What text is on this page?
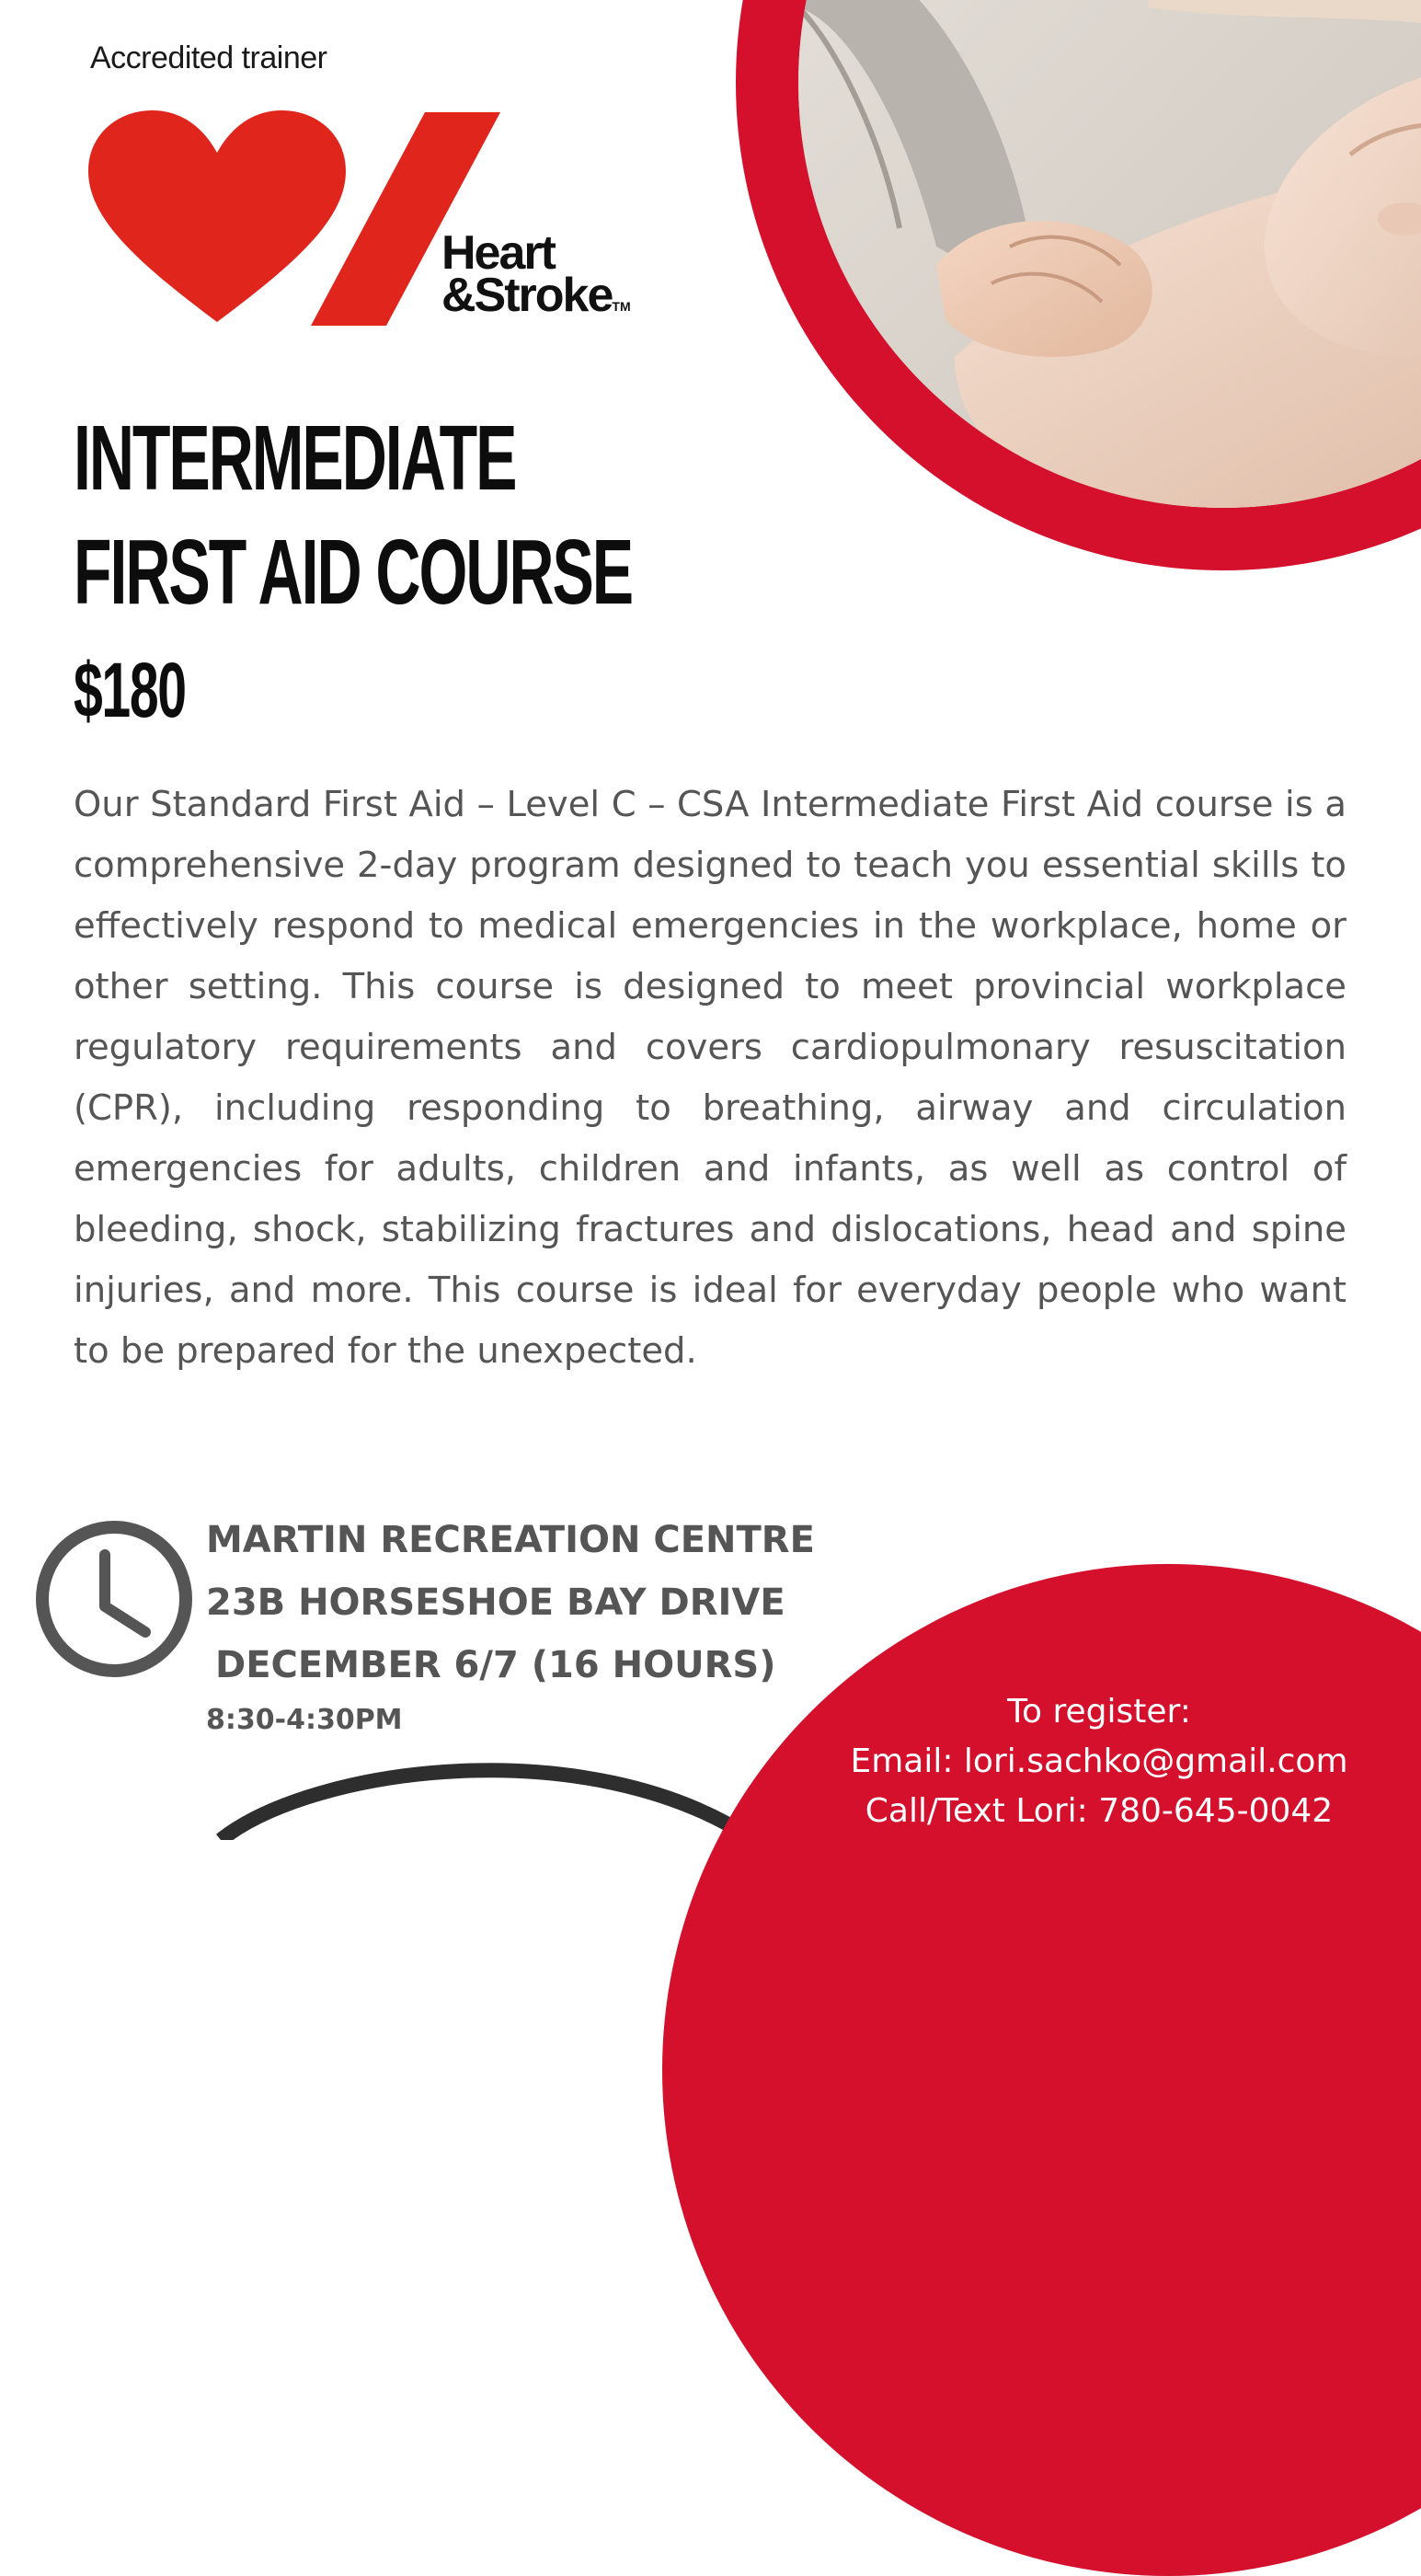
Accredited trainer
Heart
&StrokeTM
INTERMEDIATE
FIRST AID COURSE
$180

Our Standard First Aid – Level C – CSA Intermediate First Aid course is a comprehensive 2-day program designed to teach you essential skills to effectively respond to medical emergencies in the workplace, home or other setting. This course is designed to meet provincial workplace regulatory requirements and covers cardiopulmonary resuscitation (CPR), including responding to breathing, airway and circulation emergencies for adults, children and infants, as well as control of bleeding, shock, stabilizing fractures and dislocations, head and spine injuries, and more. This course is ideal for everyday people who want to be prepared for the unexpected.

MARTIN RECREATION CENTRE
23B HORSESHOE BAY DRIVE
DECEMBER 6/7 (16 HOURS)
8:30-4:30PM	To register:
Email: lori.sachko@gmail.com
Call/Text Lori: 780-645-0042
